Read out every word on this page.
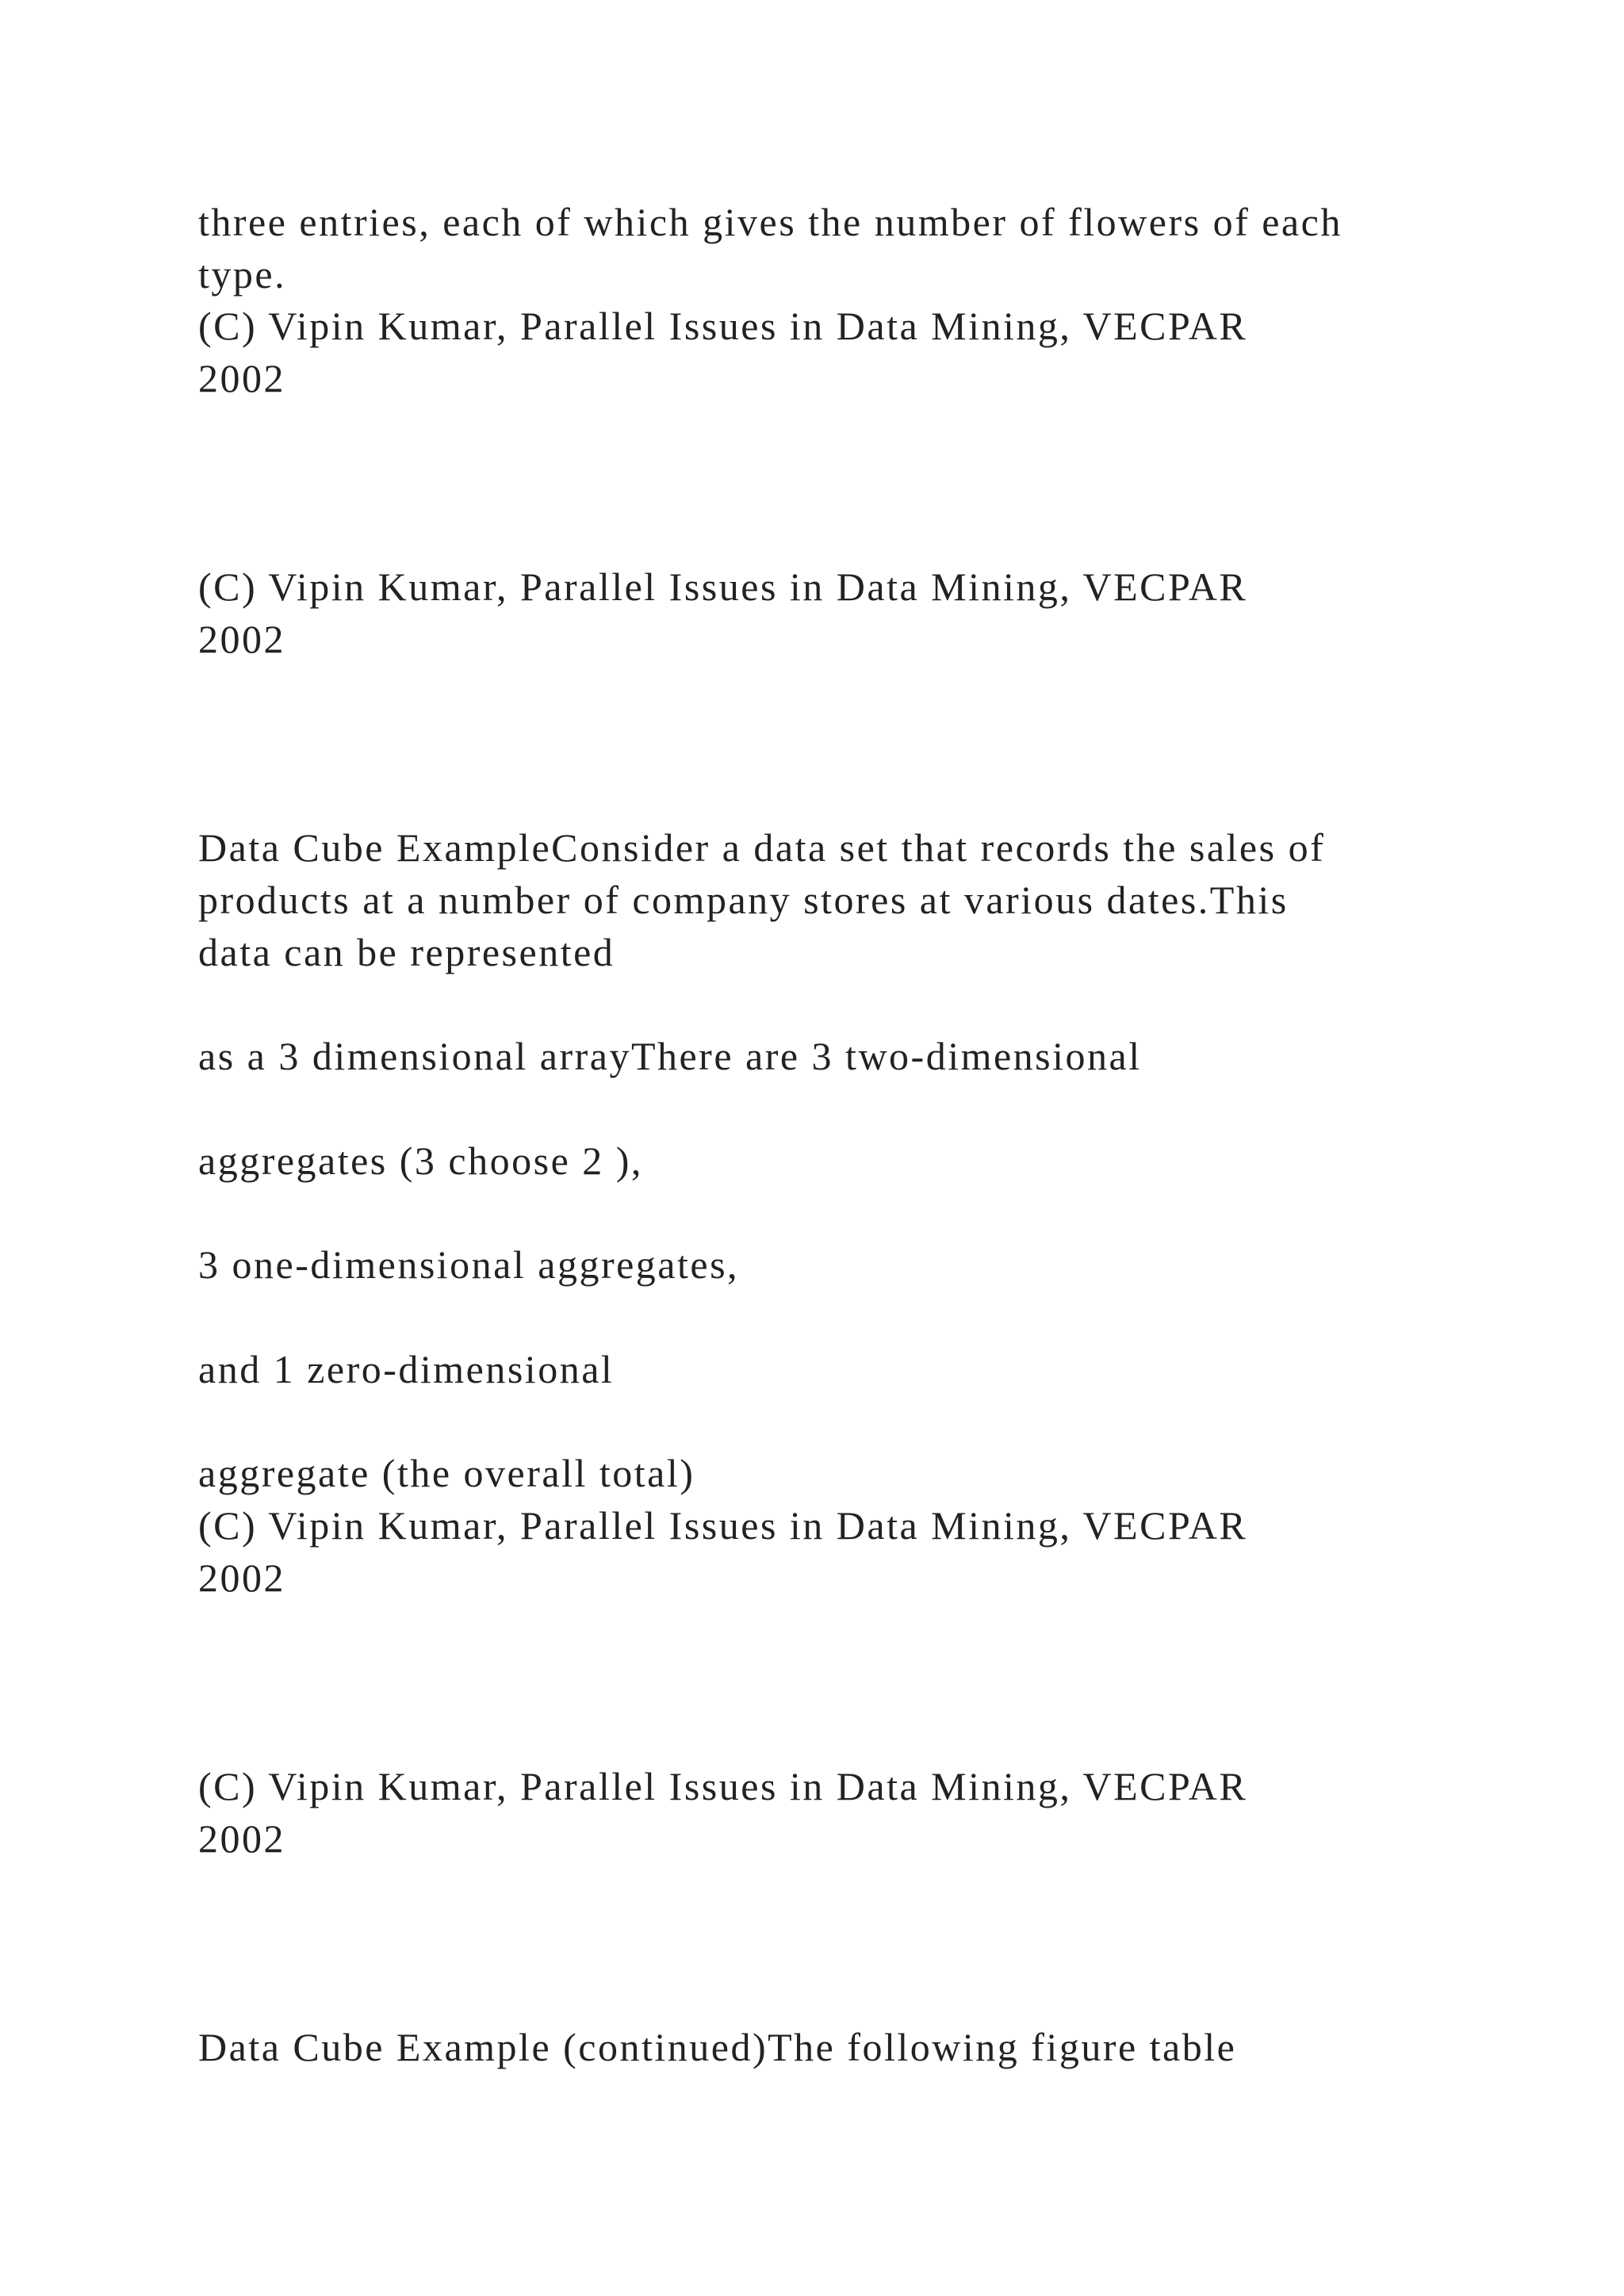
three entries, each of which gives the number of flowers of each
type.
(C) Vipin Kumar, Parallel Issues in Data Mining, VECPAR
2002
(C) Vipin Kumar, Parallel Issues in Data Mining, VECPAR
2002
Data Cube ExampleConsider a data set that records the sales of
products at a number of company stores at various dates.This
data can be represented
as a 3 dimensional arrayThere are 3 two-dimensional
aggregates (3 choose 2 ),
3 one-dimensional aggregates,
and 1 zero-dimensional
aggregate (the overall total)
(C) Vipin Kumar, Parallel Issues in Data Mining, VECPAR
2002
(C) Vipin Kumar, Parallel Issues in Data Mining, VECPAR
2002
Data Cube Example (continued)The following figure table
